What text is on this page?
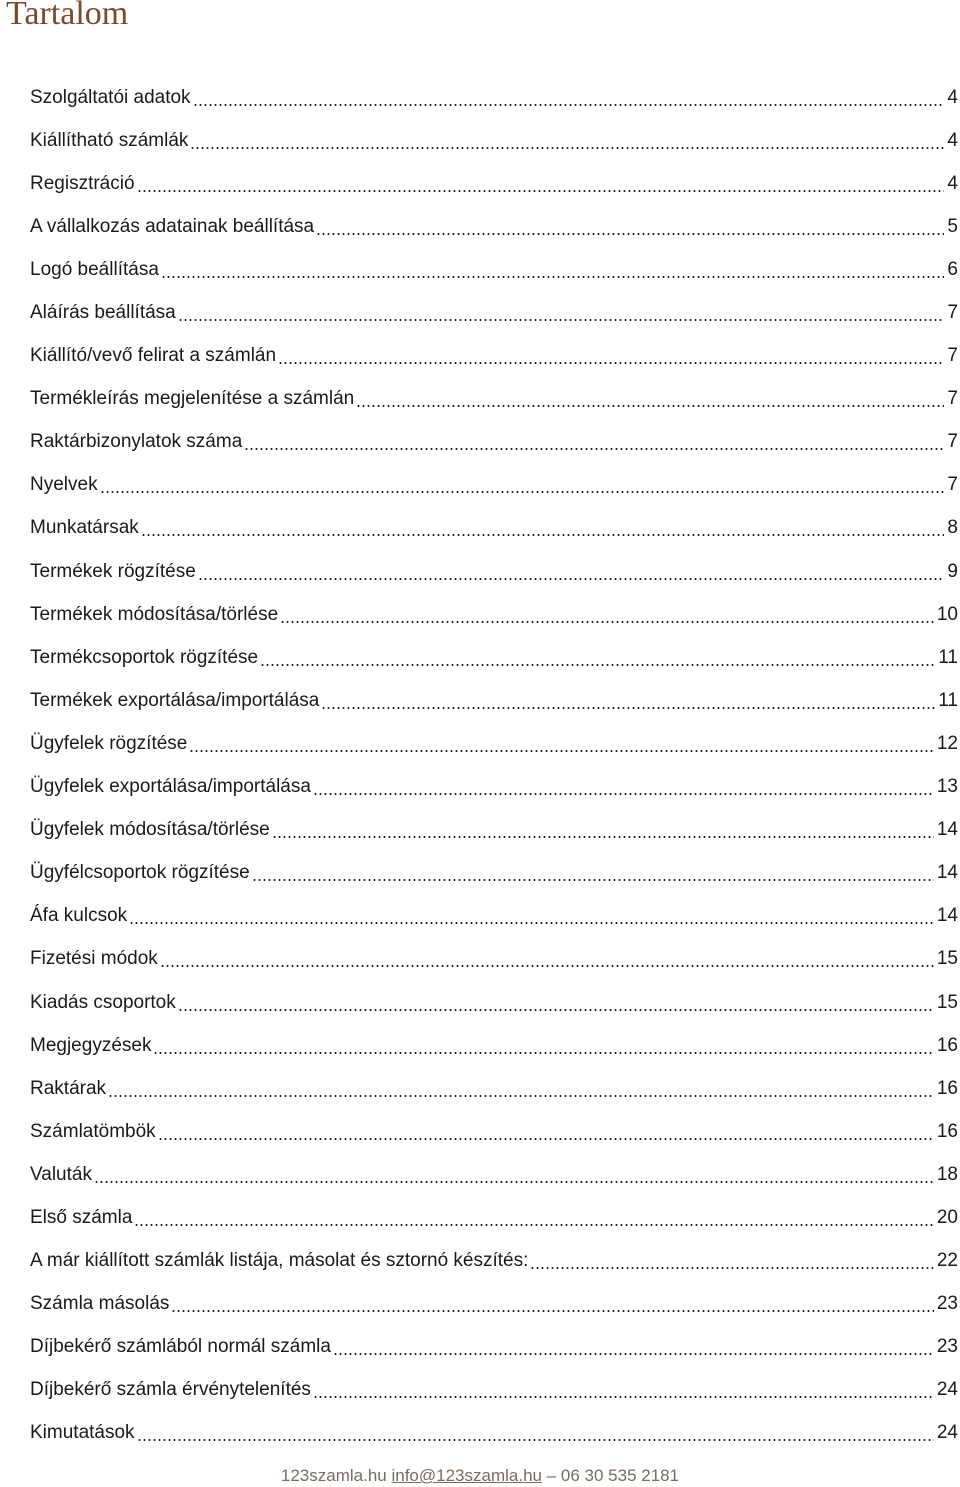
Tartalom
Szolgáltatói adatok	4
Kiállítható számlák	4
Regisztráció	4
A vállalkozás adatainak beállítása	5
Logó beállítása	6
Aláírás beállítása	7
Kiállító/vevő felirat a számlán	7
Termékleírás megjelenítése a számlán	7
Raktárbizonylatok száma	7
Nyelvek	7
Munkatársak	8
Termékek rögzítése	9
Termékek módosítása/törlése	10
Termékcsoportok rögzítése	11
Termékek exportálása/importálása	11
Ügyfelek rögzítése	12
Ügyfelek exportálása/importálása	13
Ügyfelek módosítása/törlése	14
Ügyfélcsoportok rögzítése	14
Áfa kulcsok	14
Fizetési módok	15
Kiadás csoportok	15
Megjegyzések	16
Raktárak	16
Számlatömbök	16
Valuták	18
Első számla	20
A már kiállított számlák listája, másolat és sztornó készítés:	22
Számla másolás	23
Díjbekérő számlából normál számla	23
Díjbekérő számla érvénytelenítés	24
Kimutatások	24
123szamla.hu info@123szamla.hu – 06 30 535 2181
